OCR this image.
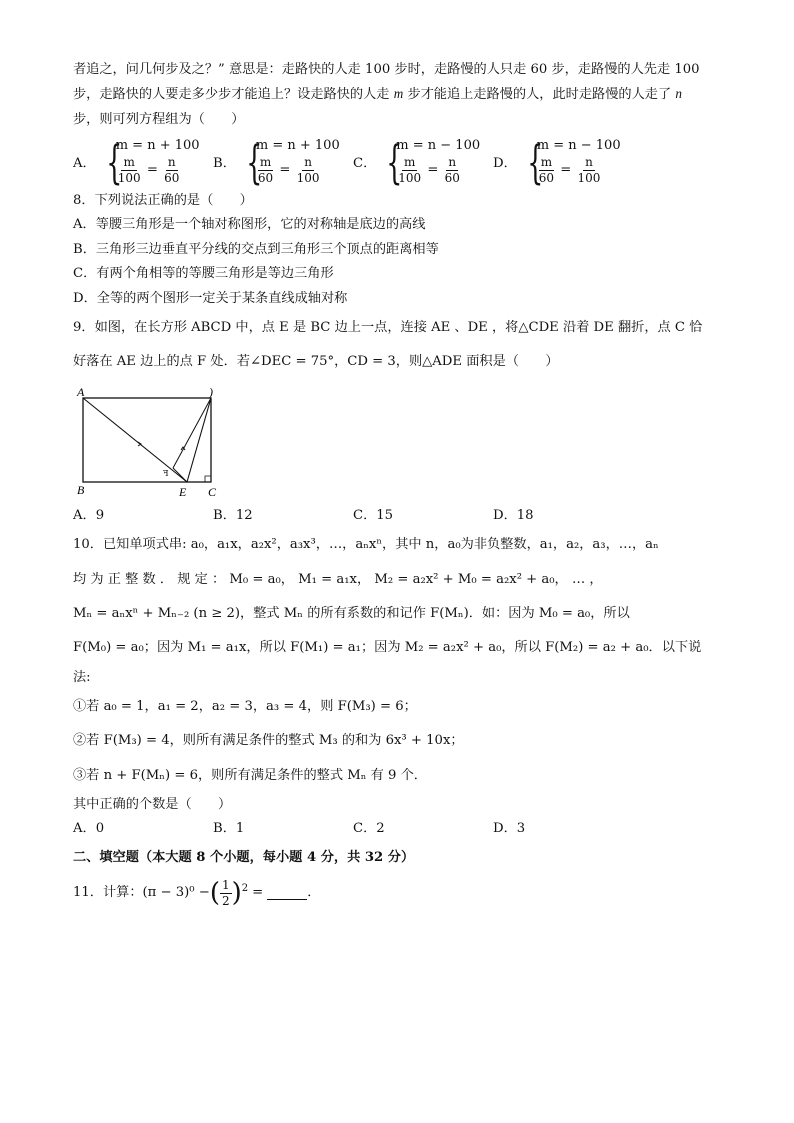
者追之，问几何步及之？” 意思是：走路快的人走 100 步时，走路慢的人只走 60 步，走路慢的人先走 100
步，走路快的人要走多少步才能追上？设走路快的人走 m 步才能追上走路慢的人，此时走路慢的人走了 n
步，则可列方程组为（　　）
A． {
m = n + 100
$\frac{m}{100} = \frac{n}{60}$ B． {
m = n + 100
$\frac{m}{60} = \frac{n}{100}$ C． {
m = n − 100
$\frac{m}{100} = \frac{n}{60}$ D． {
m = n − 100
$\frac{m}{60} = \frac{n}{100}$
8．下列说法正确的是（　　）
A．等腰三角形是一个轴对称图形，它的对称轴是底边的高线
B．三角形三边垂直平分线的交点到三角形三个顶点的距离相等
C．有两个角相等的等腰三角形是等边三角形
D．全等的两个图形一定关于某条直线成轴对称
9．如图，在长方形 ABCD 中，点 E 是 BC 边上一点，连接 AE 、DE ，将△CDE 沿着 DE 翻折，点 C 恰
好落在 AE 边上的点 F 处．若∠DEC = 75°，CD = 3，则△ADE 面积是（　　）
ꟻ
A	)
B	E C
A．9	B．12	C．15	D．18
10．已知单项式串: a₀，a₁x，a₂x²，a₃x³，…，aₙxⁿ，其中 n，a₀为非负整数，a₁，a₂，a₃，…，aₙ
均 为 正 整 数 ． 规 定 ： M₀ = a₀， M₁ = a₁x， M₂ = a₂x² + M₀ = a₂x² + a₀， … ，
Mₙ = aₙxⁿ + Mₙ₋₂ (n ≥ 2)，整式 Mₙ 的所有系数的和记作 F(Mₙ)．如：因为 M₀ = a₀，所以
F(M₀) = a₀；因为 M₁ = a₁x，所以 F(M₁) = a₁；因为 M₂ = a₂x² + a₀，所以 F(M₂) = a₂ + a₀．以下说
法:
①若 a₀ = 1，a₁ = 2，a₂ = 3，a₃ = 4，则 F(M₃) = 6；
②若 F(M₃) = 4，则所有满足条件的整式 M₃ 的和为 6x³ + 10x；
③若 n + F(Mₙ) = 6，则所有满足条件的整式 Mₙ 有 9 个．
其中正确的个数是（　　）
A．0	B．1	C．2	D．3
二、填空题（本大题 8 个小题，每小题 4 分，共 32 分）
11．计算：(π − 3)⁰ − ( $\frac{1}{2} )^2$ =	．
